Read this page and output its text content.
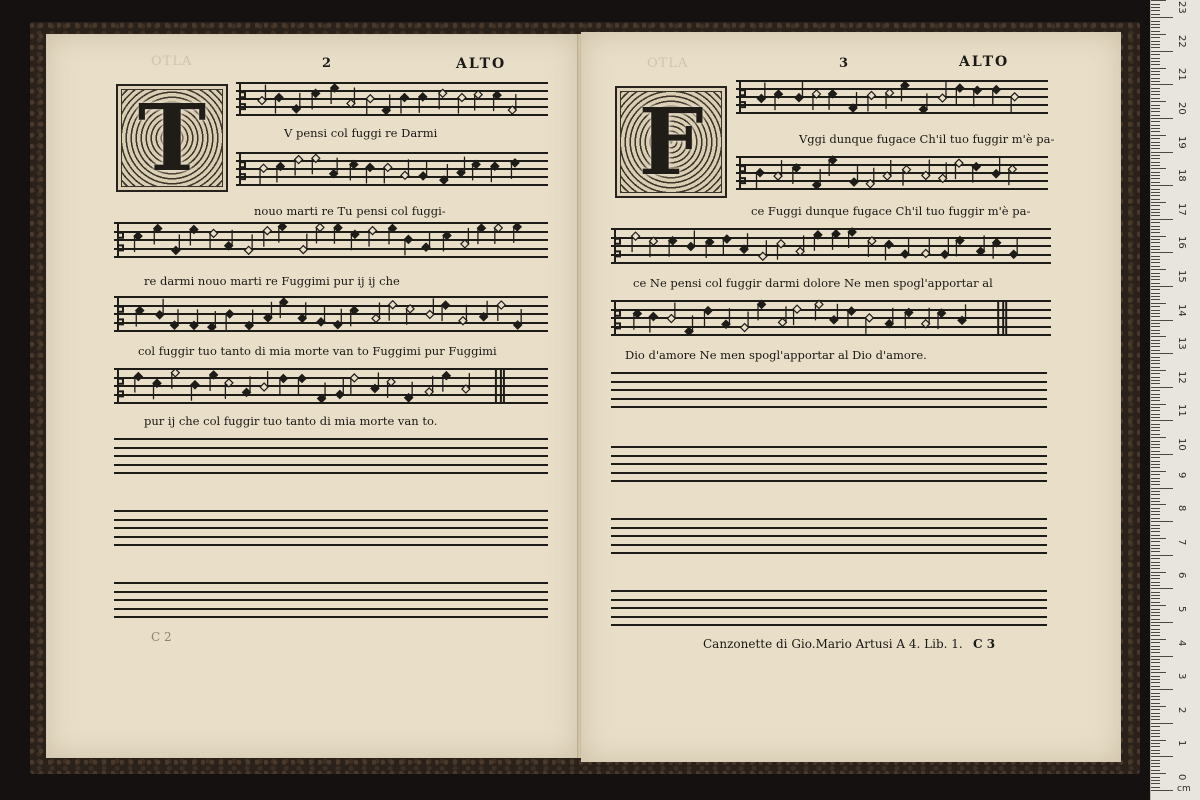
OTLA	2	ALTO
T	V pensi col fuggi re Darmi
nouo marti re Tu pensi col fuggi-
re darmi nouo marti re Fuggimi pur ij ij che
col fuggir tuo tanto di mia morte van to Fuggimi pur Fuggimi
pur ij che col fuggir tuo tanto di mia morte van to.
C 2
OTLA	3	ALTO
F	Vggi dunque fugace Ch'il tuo fuggir m'è pa-
ce Fuggi dunque fugace Ch'il tuo fuggir m'è pa-
ce Ne pensi col fuggir darmi dolore Ne men spogl'apportar al
Dio d'amore Ne men spogl'apportar al Dio d'amore.
Canzonette di Gio.Mario Artusi A 4. Lib. 1. C 3
cm
0
1
2
3
4
5
6
7
8
9
10
11
12
13
14
15
16
17
18
19
20
21
22
23
